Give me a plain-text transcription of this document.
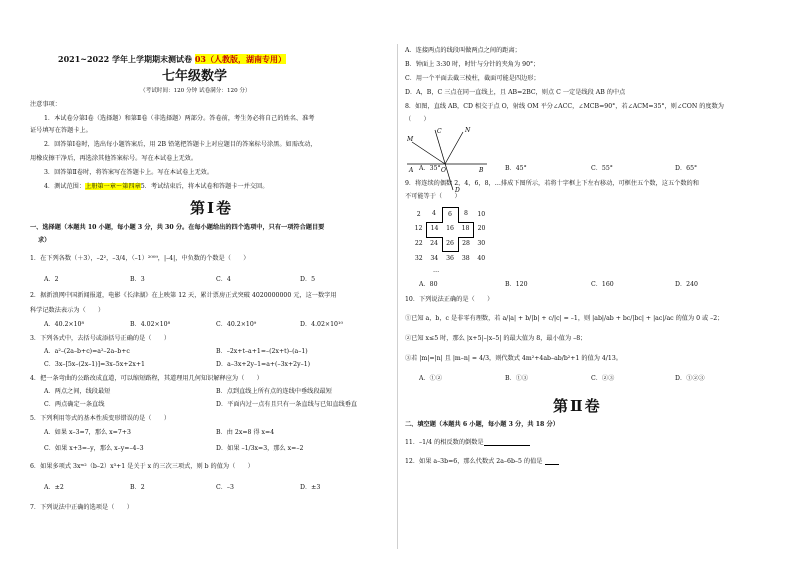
2021~2022 学年上学期期末测试卷 03（人教版，湖南专用）
七年级数学
（考试时间：120 分钟 试卷满分：120 分）
注意事项：
1．本试卷分第Ⅰ卷（选择题）和第Ⅱ卷（非选择题）两部分。答卷前，考生务必将自己的姓名、准考
证号填写在答题卡上。
2．回答第Ⅰ卷时，选出每小题答案后，用 2B 铅笔把答题卡上对应题目的答案标号涂黑。如需改动，
用橡皮擦干净后，再选涂其他答案标号。写在本试卷上无效。
3．回答第Ⅱ卷时，将答案写在答题卡上。写在本试卷上无效。
4．测试范围：上册第一章～第四章5．考试结束后，将本试卷和答题卡一并交回。
第Ⅰ卷
一、选择题（本题共 10 小题，每小题 3 分，共 30 分。在每小题给出的四个选项中，只有一项符合题目要
求）
1．在下列各数（＋3），–2²，–3/4，（–1）²⁰⁰⁹，|–4|，中负数的个数是（　　）
A．2	B．3	C．4	D．5
2．据新浪网中国新闻报道，电影《长津湖》在上映第 12 天，累计票房正式突破 4020000000 元，这一数字用
科学记数法表示为（　　）
A．40.2×10⁸	B．4.02×10⁸	C．40.2×10⁹	D．4.02×10¹⁰
3．下列各式中，去括号或添括号正确的是（　　）
A．a²–(2a–b+c)=a²–2a–b+c	B．–2x+t–a+1=–(2x+t)–(a–1)
C．3x–[5x–(2x–1)]=3x–5x+2x+1	D．a–3x+2y–1=a+(–3x+2y–1)
4．把一条弯曲的公路改成直道，可以缩短路程，其道理用几何知识解释应为（　　）
A．两点之间，线段最短	B．点到直线上所有点的连线中垂线段最短
C．两点确定一条直线	D．平面内过一点有且只有一条直线与已知直线垂直
5．下列利用等式的基本性质变形错误的是（　　）
A．如果 x–3=7，那么 x=7+3	B．由 2x=8 得 x=4
C．如果 x+3=–y，那么 x–y=–4–3	D．如果 –1/3x=3，那么 x=–2
6．如果多项式 3xᵐ²（b–2）x³+1 是关于 x 的三次三项式，则 b 的值为（　　）
A．±2	B．2	C．–3	D．±3
7．下列说法中正确的选项是（　　）
A．连接两点的线段叫做两点之间的距离；
B．钟面上 3:30 时，时针与分针的夹角为 90°；
C．用一个平面去截三棱柱，截面可能是四边形；
D．A，B，C 三点在同一直线上，且 AB=2BC，则点 C 一定是线段 AB 的中点
8．如图，直线 AB，CD 相交于点 O，射线 OM 平分∠ACC，∠MCB=90°，若∠ACM=35°，则∠CON 的度数为
（　　）
C	N
M
A	O	B
D
A．35°	B．45°	C．55°	D．65°
9．将连续的偶数 2，4，6，8，…排成下图所示，若将十字框上下左右移动，可框住五个数，这五个数的和
不可能等于（　　）
2	4	6	8	10
12	14	16	18	20
22	24	26	28	30
32	34	36	38	40
…
A．80	B．120	C．160	D．240
10．下列说法正确的是（　　）
①已知 a，b，c 是非零有理数，若 a/|a| + b/|b| + c/|c| = –1，则 |ab|/ab + bc/|bc| + |ac|/ac 的值为 0 或 –2；
②已知 x≤5 时，那么 |x+5|–|x–5| 的最大值为 8，最小值为 –8；
③若 |m|=|n| 且 |m–n| = 4/3，则代数式 4m²+4ab–ab/b²+1 的值为 4/13。
A．①②	B．①③	C．②③	D．①②③
第Ⅱ卷
二、填空题（本题共 6 小题，每小题 3 分，共 18 分）
11．–1/4 的相反数的倒数是
12．如果 a–3b=6，那么代数式 2a–6b–5 的值是
